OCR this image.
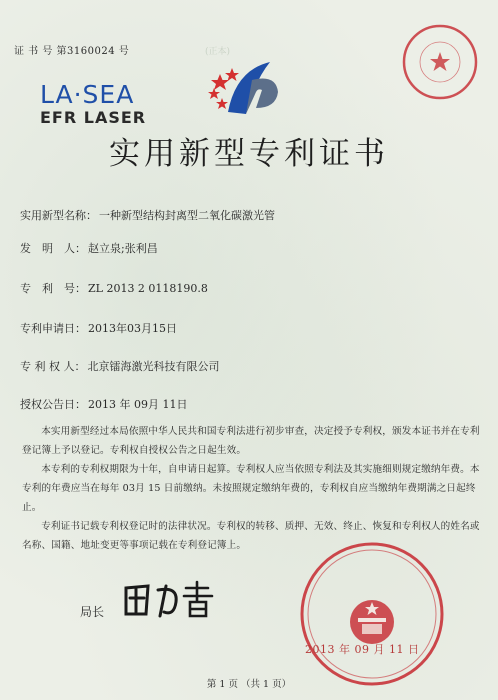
证 书 号 第3160024 号	(正本)
LA·SEA
EFR LASER
实用新型专利证书
实用新型名称： 一种新型结构封离型二氧化碳激光管
发　明　人： 赵立泉;张利昌
专　利　号： ZL 2013 2 0118190.8
专利申请日： 2013年03月15日
专 利 权 人： 北京镭海激光科技有限公司
授权公告日： 2013 年 09月 11日

本实用新型经过本局依照中华人民共和国专利法进行初步审查，决定授予专利权，颁发本证书并在专利登记簿上予以登记。专利权自授权公告之日起生效。

本专利的专利权期限为十年，自申请日起算。专利权人应当依照专利法及其实施细则规定缴纳年费。本专利的年费应当在每年 03月 15 日前缴纳。未按照规定缴纳年费的，专利权自应当缴纳年费期满之日起终止。

专利证书记载专利权登记时的法律状况。专利权的转移、质押、无效、终止、恢复和专利权人的姓名或名称、国籍、地址变更等事项记载在专利登记簿上。

局长
2013 年 09 月 11 日
第 1 页 （共 1 页）
